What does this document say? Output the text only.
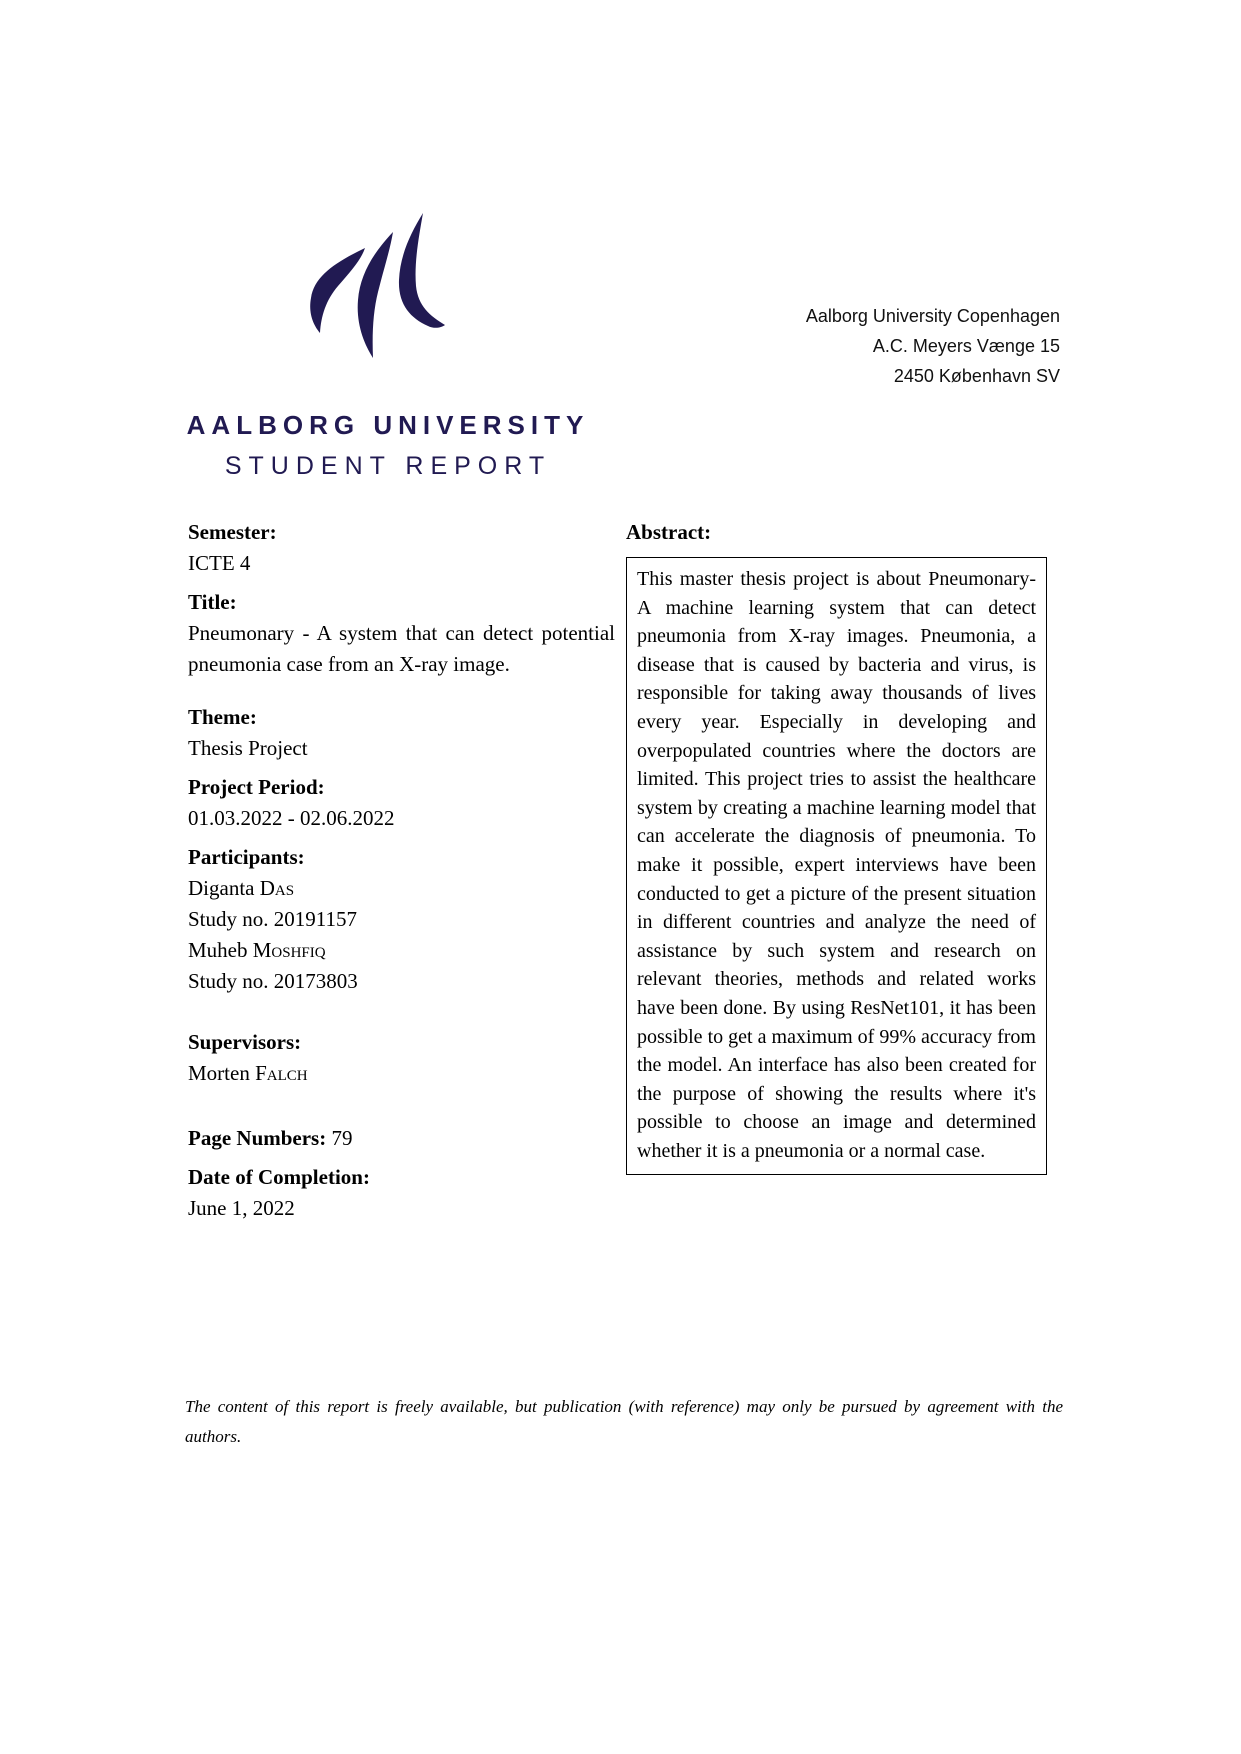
AALBORG UNIVERSITY
STUDENT REPORT
Aalborg University Copenhagen
A.C. Meyers Vænge 15
2450 København SV
Semester:
ICTE 4
Title:
Pneumonary - A system that can detect potential pneumonia case from an X-ray image.
Theme:
Thesis Project
Project Period:
01.03.2022 - 02.06.2022
Participants:
Diganta Das
Study no. 20191157
Muheb Moshfiq
Study no. 20173803
Supervisors:
Morten Falch
Page Numbers: 79
Date of Completion:
June 1, 2022
Abstract:
This master thesis project is about Pneumonary- A machine learning system that can detect pneumonia from X-ray images. Pneumonia, a disease that is caused by bacteria and virus, is responsible for taking away thousands of lives every year. Especially in developing and overpopulated countries where the doctors are limited. This project tries to assist the healthcare system by creating a machine learning model that can accelerate the diagnosis of pneumonia. To make it possible, expert interviews have been conducted to get a picture of the present situation in different countries and analyze the need of assistance by such system and research on relevant theories, methods and related works have been done. By using ResNet101, it has been possible to get a maximum of 99% accuracy from the model. An interface has also been created for the purpose of showing the results where it's possible to choose an image and determined whether it is a pneumonia or a normal case.
The content of this report is freely available, but publication (with reference) may only be pursued by agreement with the authors.
